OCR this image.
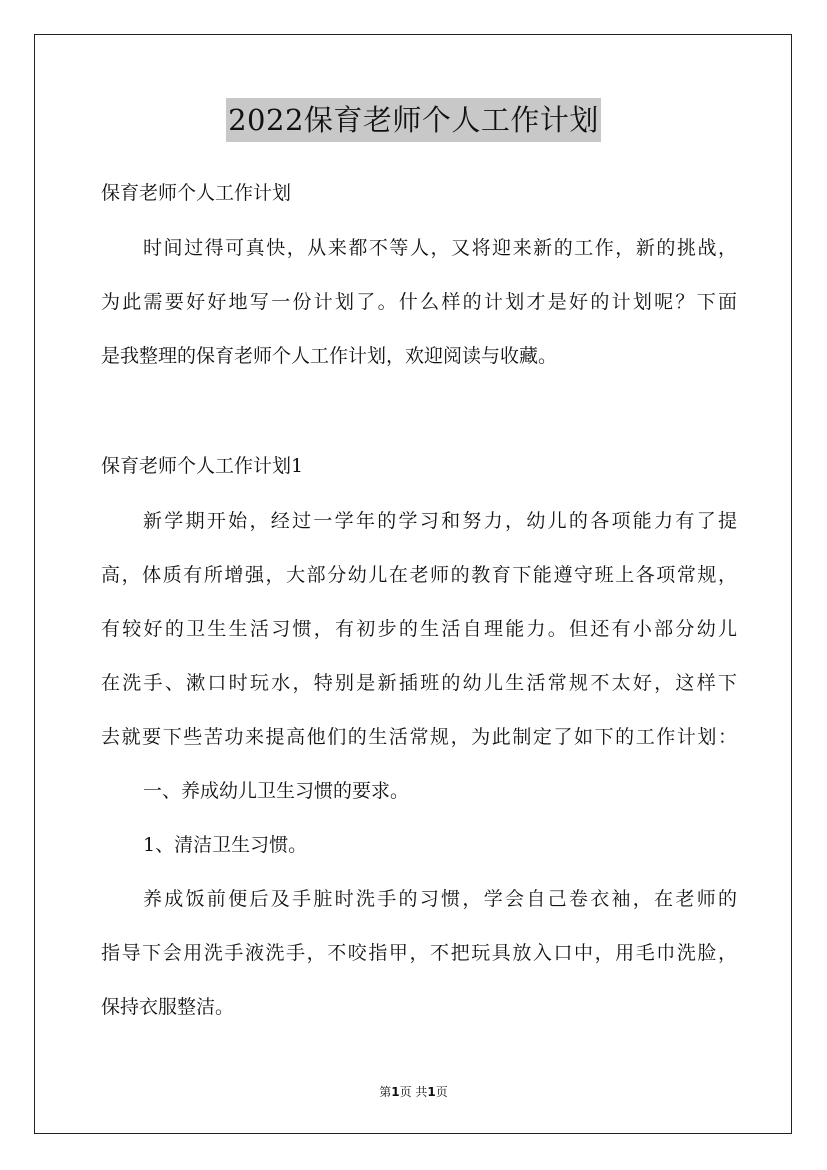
2022保育老师个人工作计划
保育老师个人工作计划
时间过得可真快，从来都不等人，又将迎来新的工作，新的挑战，
为此需要好好地写一份计划了。什么样的计划才是好的计划呢？下面
是我整理的保育老师个人工作计划，欢迎阅读与收藏。
保育老师个人工作计划1
新学期开始，经过一学年的学习和努力，幼儿的各项能力有了提
高，体质有所增强，大部分幼儿在老师的教育下能遵守班上各项常规，
有较好的卫生生活习惯，有初步的生活自理能力。但还有小部分幼儿
在洗手、漱口时玩水，特别是新插班的幼儿生活常规不太好，这样下
去就要下些苦功来提高他们的生活常规，为此制定了如下的工作计划：
一、养成幼儿卫生习惯的要求。
1、清洁卫生习惯。
养成饭前便后及手脏时洗手的习惯，学会自己卷衣袖，在老师的
指导下会用洗手液洗手，不咬指甲，不把玩具放入口中，用毛巾洗脸，
保持衣服整洁。
第1页 共1页
